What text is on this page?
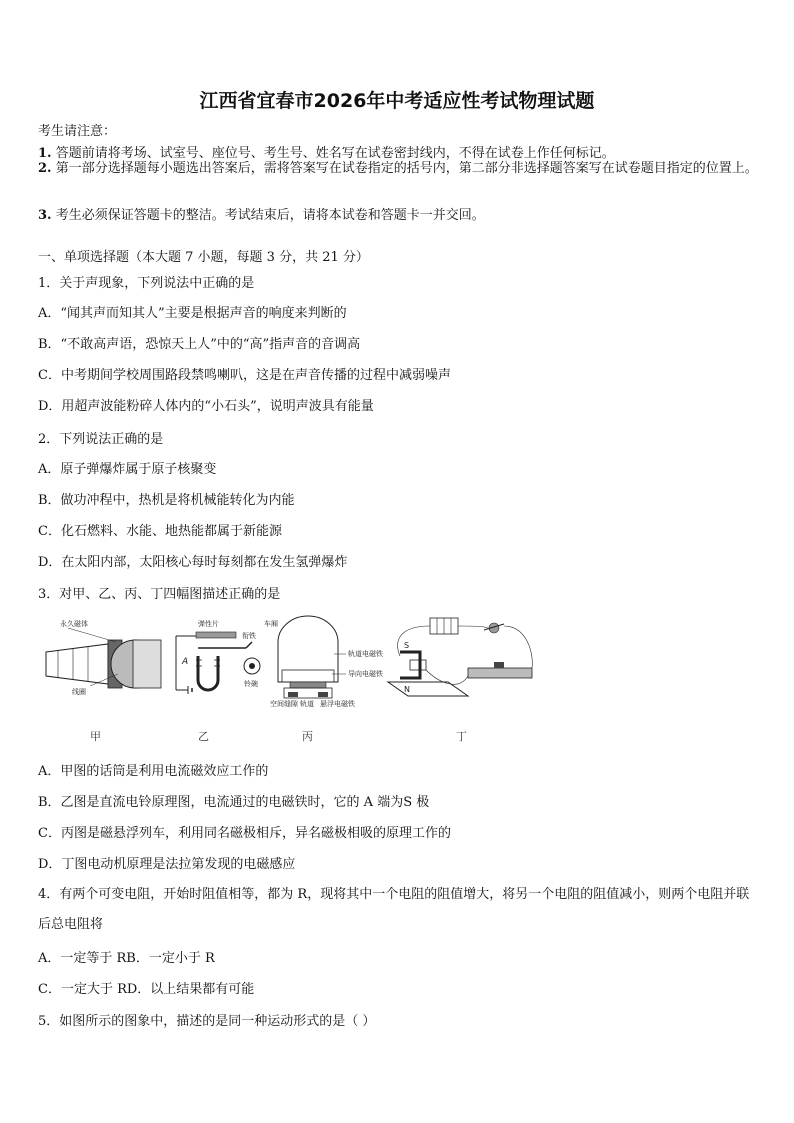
江西省宜春市2026年中考适应性考试物理试题
考生请注意：
1. 答题前请将考场、试室号、座位号、考生号、姓名写在试卷密封线内，不得在试卷上作任何标记。
2. 第一部分选择题每小题选出答案后，需将答案写在试卷指定的括号内，第二部分非选择题答案写在试卷题目指定的位置上。
3. 考生必须保证答题卡的整洁。考试结束后，请将本试卷和答题卡一并交回。
一、单项选择题（本大题 7 小题，每题 3 分，共 21 分）
1．关于声现象，下列说法中正确的是
A．“闻其声而知其人”主要是根据声音的响度来判断的
B．“不敢高声语，恐惊天上人”中的“高”指声音的音调高
C．中考期间学校周围路段禁鸣喇叭，这是在声音传播的过程中减弱噪声
D．用超声波能粉碎人体内的“小石头”，说明声波具有能量
2．下列说法正确的是
A．原子弹爆炸属于原子核聚变
B．做功冲程中，热机是将机械能转化为内能
C．化石燃料、水能、地热能都属于新能源
D．在太阳内部，太阳核心每时每刻都在发生氢弹爆炸
3．对甲、乙、丙、丁四幅图描述正确的是
永久磁体
线圈
弹性片
衔铁
A
铃碗
车厢
轨道电磁铁
导向电磁铁
空间缝隙 轨道 悬浮电磁铁
S
N
甲	乙	丙	丁
A．甲图的话筒是利用电流磁效应工作的
B．乙图是直流电铃原理图，电流通过的电磁铁时，它的 A 端为S 极
C．丙图是磁悬浮列车，利用同名磁极相斥，异名磁极相吸的原理工作的
D．丁图电动机原理是法拉第发现的电磁感应
4．有两个可变电阻，开始时阻值相等，都为 R，现将其中一个电阻的阻值增大，将另一个电阻的阻值减小，则两个电阻并联后总电阻将
A．一定等于 RB．一定小于 R
C．一定大于 RD．以上结果都有可能
5．如图所示的图象中，描述的是同一种运动形式的是（ ）
